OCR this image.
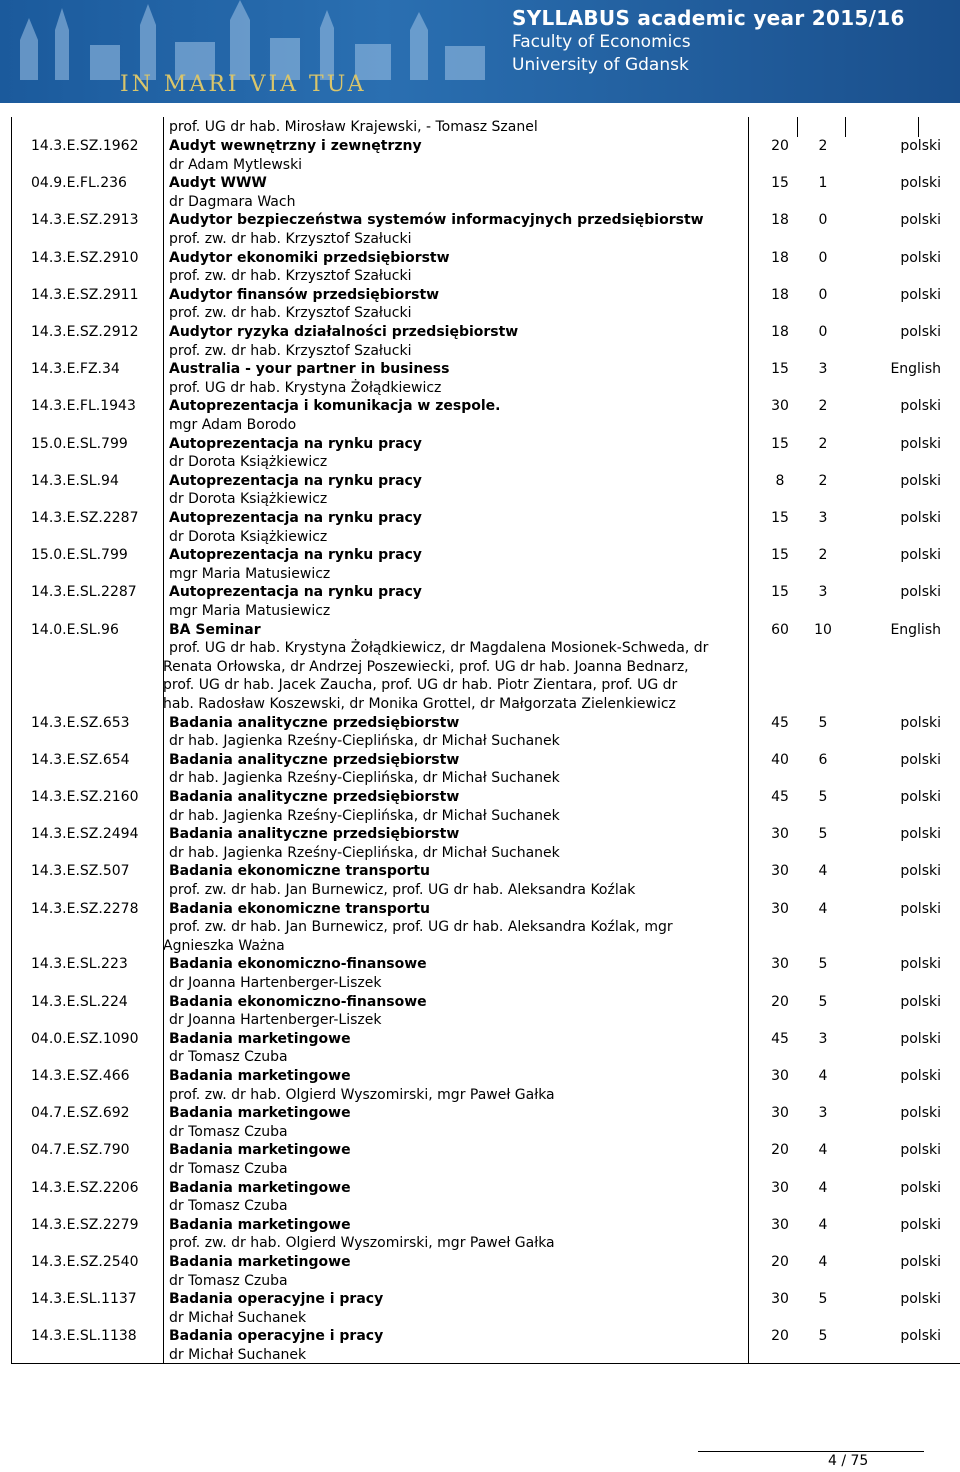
IN MARI VIA TUA
SYLLABUS academic year 2015/16
Faculty of Economics
University of Gdansk
prof. UG dr hab. Mirosław Krajewski, - Tomasz Szanel
14.3.E.SZ.1962 Audyt wewnętrzny i zewnętrzny
dr Adam Mytlewski
20	2	polski
04.9.E.FL.236	Audyt WWW
dr Dagmara Wach
15	1	polski
14.3.E.SZ.2913 Audytor bezpieczeństwa systemów informacyjnych przedsiębiorstw
prof. zw. dr hab. Krzysztof Szałucki
18	0	polski
14.3.E.SZ.2910 Audytor ekonomiki przedsiębiorstw
prof. zw. dr hab. Krzysztof Szałucki
18	0	polski
14.3.E.SZ.2911 Audytor finansów przedsiębiorstw
prof. zw. dr hab. Krzysztof Szałucki
18	0	polski
14.3.E.SZ.2912 Audytor ryzyka działalności przedsiębiorstw
prof. zw. dr hab. Krzysztof Szałucki
18	0	polski
14.3.E.FZ.34	Australia - your partner in business
prof. UG dr hab. Krystyna Żołądkiewicz
15	3	English
14.3.E.FL.1943 Autoprezentacja i komunikacja w zespole.
mgr Adam Borodo
30	2	polski
15.0.E.SL.799	Autoprezentacja na rynku pracy
dr Dorota Książkiewicz
15	2	polski
14.3.E.SL.94	Autoprezentacja na rynku pracy
dr Dorota Książkiewicz
8	2	polski
14.3.E.SZ.2287 Autoprezentacja na rynku pracy
dr Dorota Książkiewicz
15	3	polski
15.0.E.SL.799	Autoprezentacja na rynku pracy
mgr Maria Matusiewicz
15	2	polski
14.3.E.SL.2287 Autoprezentacja na rynku pracy
mgr Maria Matusiewicz
15	3	polski
14.0.E.SL.96	BA Seminar
prof. UG dr hab. Krystyna Żołądkiewicz, dr Magdalena Mosionek-Schweda, dr
Renata Orłowska, dr Andrzej Poszewiecki, prof. UG dr hab. Joanna Bednarz,
prof. UG dr hab. Jacek Zaucha, prof. UG dr hab. Piotr Zientara, prof. UG dr
hab. Radosław Koszewski, dr Monika Grottel, dr Małgorzata Zielenkiewicz
60	10	English
14.3.E.SZ.653	Badania analityczne przedsiębiorstw
dr hab. Jagienka Rześny-Cieplińska, dr Michał Suchanek
45	5	polski
14.3.E.SZ.654	Badania analityczne przedsiębiorstw
dr hab. Jagienka Rześny-Cieplińska, dr Michał Suchanek
40	6	polski
14.3.E.SZ.2160 Badania analityczne przedsiębiorstw
dr hab. Jagienka Rześny-Cieplińska, dr Michał Suchanek
45	5	polski
14.3.E.SZ.2494 Badania analityczne przedsiębiorstw
dr hab. Jagienka Rześny-Cieplińska, dr Michał Suchanek
30	5	polski
14.3.E.SZ.507	Badania ekonomiczne transportu
prof. zw. dr hab. Jan Burnewicz, prof. UG dr hab. Aleksandra Koźlak
30	4	polski
14.3.E.SZ.2278 Badania ekonomiczne transportu
prof. zw. dr hab. Jan Burnewicz, prof. UG dr hab. Aleksandra Koźlak, mgr
Agnieszka Ważna
30	4	polski
14.3.E.SL.223	Badania ekonomiczno-finansowe
dr Joanna Hartenberger-Liszek
30	5	polski
14.3.E.SL.224	Badania ekonomiczno-finansowe
dr Joanna Hartenberger-Liszek
20	5	polski
04.0.E.SZ.1090 Badania marketingowe
dr Tomasz Czuba
45	3	polski
14.3.E.SZ.466	Badania marketingowe
prof. zw. dr hab. Olgierd Wyszomirski, mgr Paweł Gałka
30	4	polski
04.7.E.SZ.692	Badania marketingowe
dr Tomasz Czuba
30	3	polski
04.7.E.SZ.790	Badania marketingowe
dr Tomasz Czuba
20	4	polski
14.3.E.SZ.2206 Badania marketingowe
dr Tomasz Czuba
30	4	polski
14.3.E.SZ.2279 Badania marketingowe
prof. zw. dr hab. Olgierd Wyszomirski, mgr Paweł Gałka
30	4	polski
14.3.E.SZ.2540 Badania marketingowe
dr Tomasz Czuba
20	4	polski
14.3.E.SL.1137 Badania operacyjne i pracy
dr Michał Suchanek
30	5	polski
14.3.E.SL.1138 Badania operacyjne i pracy
dr Michał Suchanek
20	5	polski
4 / 75
